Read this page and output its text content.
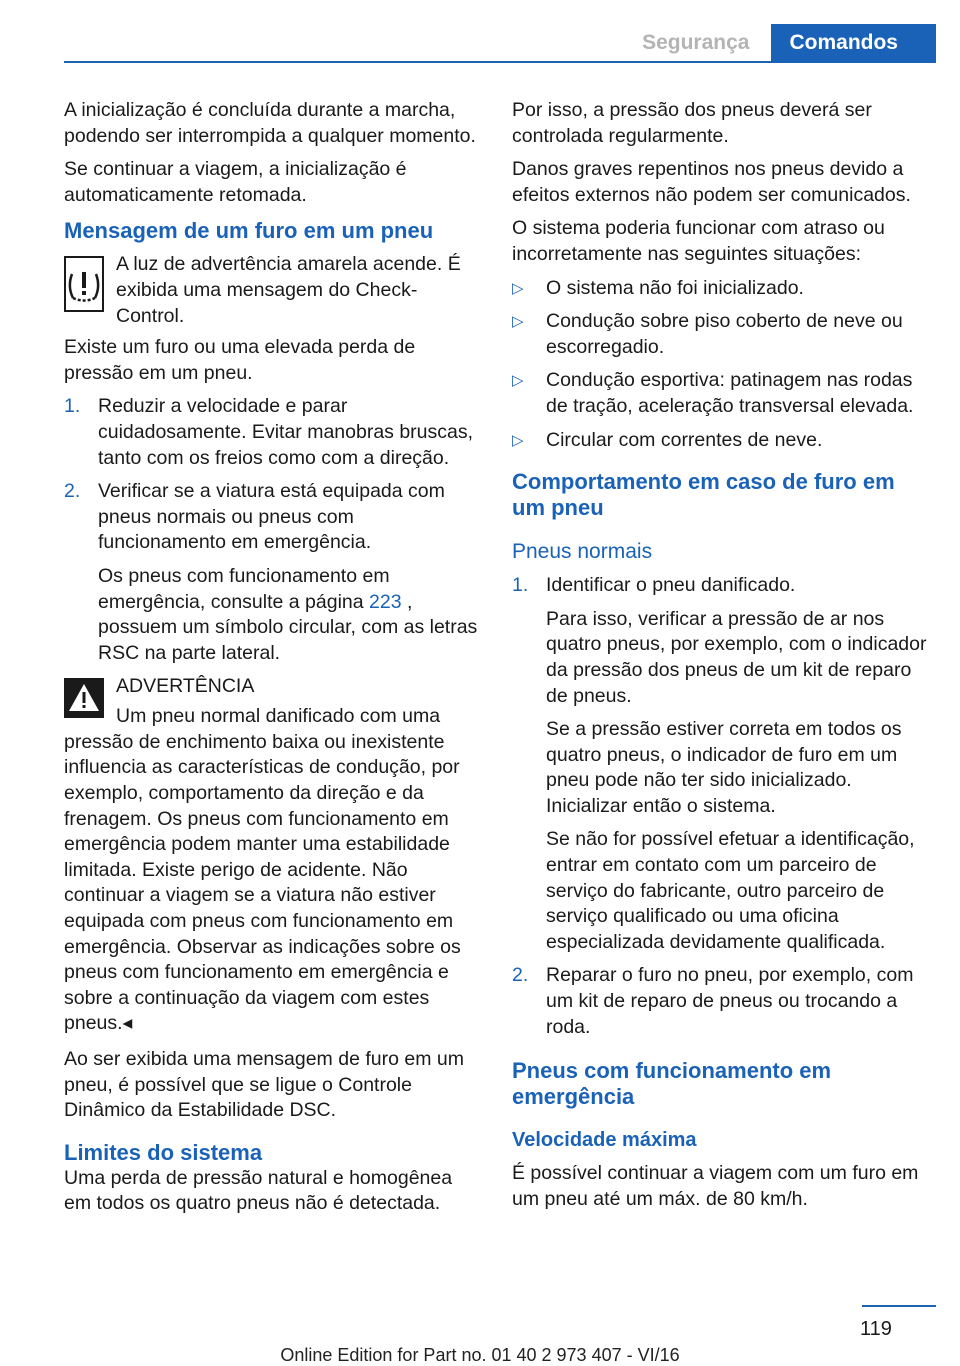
Segurança	Comandos

A inicialização é concluída durante a marcha, podendo ser interrompida a qualquer momento.

Se continuar a viagem, a inicialização é automaticamente retomada.

Mensagem de um furo em um pneu
A luz de advertência amarela acende. É exibida uma mensagem do Check-Control.

Existe um furo ou uma elevada perda de pressão em um pneu.

1. Reduzir a velocidade e parar cuidadosamente. Evitar manobras bruscas, tanto com os freios como com a direção.
2. Verificar se a viatura está equipada com pneus normais ou pneus com funcionamento em emergência.

Os pneus com funcionamento em emergência, consulte a página 223 , possuem um símbolo circular, com as letras RSC na parte lateral.

ADVERTÊNCIA

Um pneu normal danificado com uma pressão de enchimento baixa ou inexistente influencia as características de condução, por exemplo, comportamento da direção e da frenagem. Os pneus com funcionamento em emergência podem manter uma estabilidade limitada. Existe perigo de acidente. Não continuar a viagem se a viatura não estiver equipada com pneus com funcionamento em emergência. Observar as indicações sobre os pneus com funcionamento em emergência e sobre a continuação da viagem com estes pneus.◂

Ao ser exibida uma mensagem de furo em um pneu, é possível que se ligue o Controle Dinâmico da Estabilidade DSC.

Limites do sistema

Uma perda de pressão natural e homogênea em todos os quatro pneus não é detectada.

Por isso, a pressão dos pneus deverá ser controlada regularmente.

Danos graves repentinos nos pneus devido a efeitos externos não podem ser comunicados.

O sistema poderia funcionar com atraso ou incorretamente nas seguintes situações:

▷ O sistema não foi inicializado.
▷ Condução sobre piso coberto de neve ou escorregadio.
▷ Condução esportiva: patinagem nas rodas de tração, aceleração transversal elevada.
▷ Circular com correntes de neve.
Comportamento em caso de furo em um pneu
Pneus normais
1. Identificar o pneu danificado.

Para isso, verificar a pressão de ar nos quatro pneus, por exemplo, com o indicador da pressão dos pneus de um kit de reparo de pneus.

Se a pressão estiver correta em todos os quatro pneus, o indicador de furo em um pneu pode não ter sido inicializado. Inicializar então o sistema.

Se não for possível efetuar a identificação, entrar em contato com um parceiro de serviço do fabricante, outro parceiro de serviço qualificado ou uma oficina especializada devidamente qualificada.

2. Reparar o furo no pneu, por exemplo, com um kit de reparo de pneus ou trocando a roda.
Pneus com funcionamento em emergência
Velocidade máxima

É possível continuar a viagem com um furo em um pneu até um máx. de 80 km/h.

119
Online Edition for Part no. 01 40 2 973 407 - VI/16
